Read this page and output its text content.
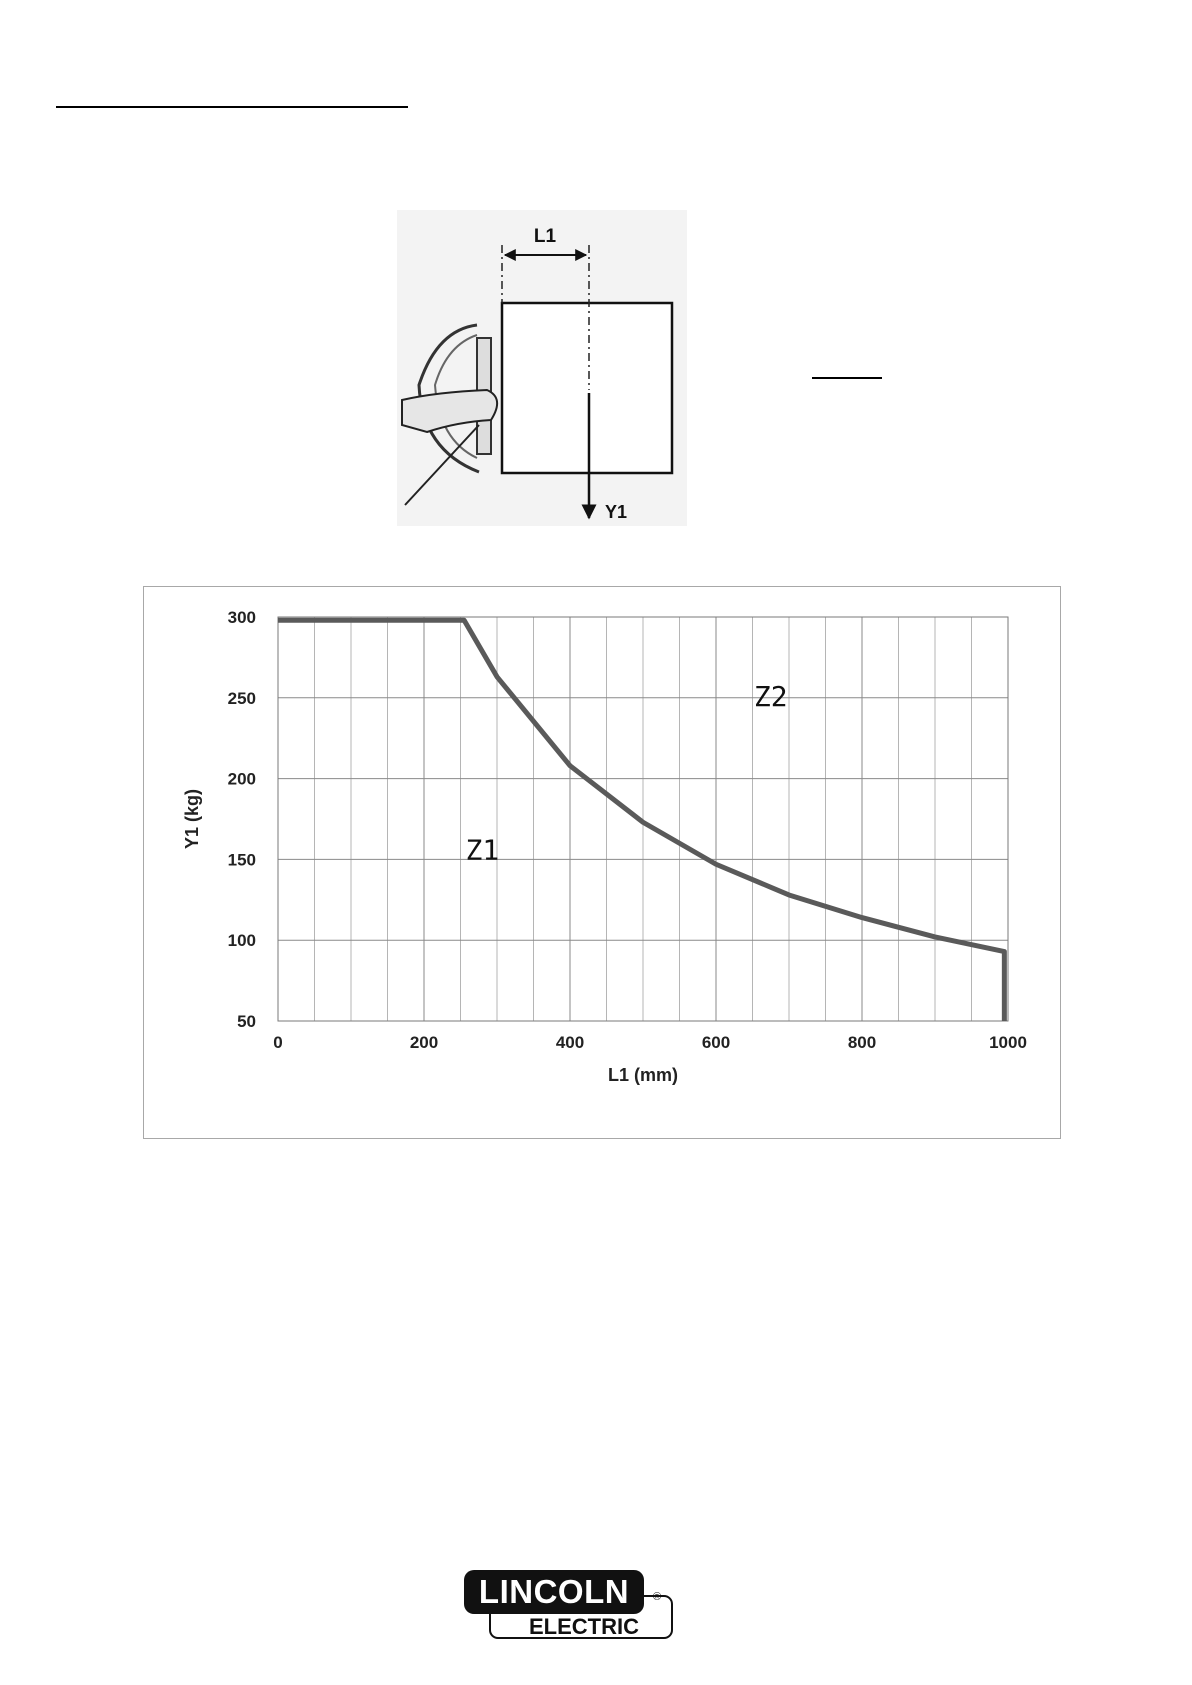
L1
Y1
0	200	400	600	800	1000
50
100
150
200
250
300
L1 (mm)
Y1 (kg)
Z1
Z2
LINCOLN ®
ELECTRIC
